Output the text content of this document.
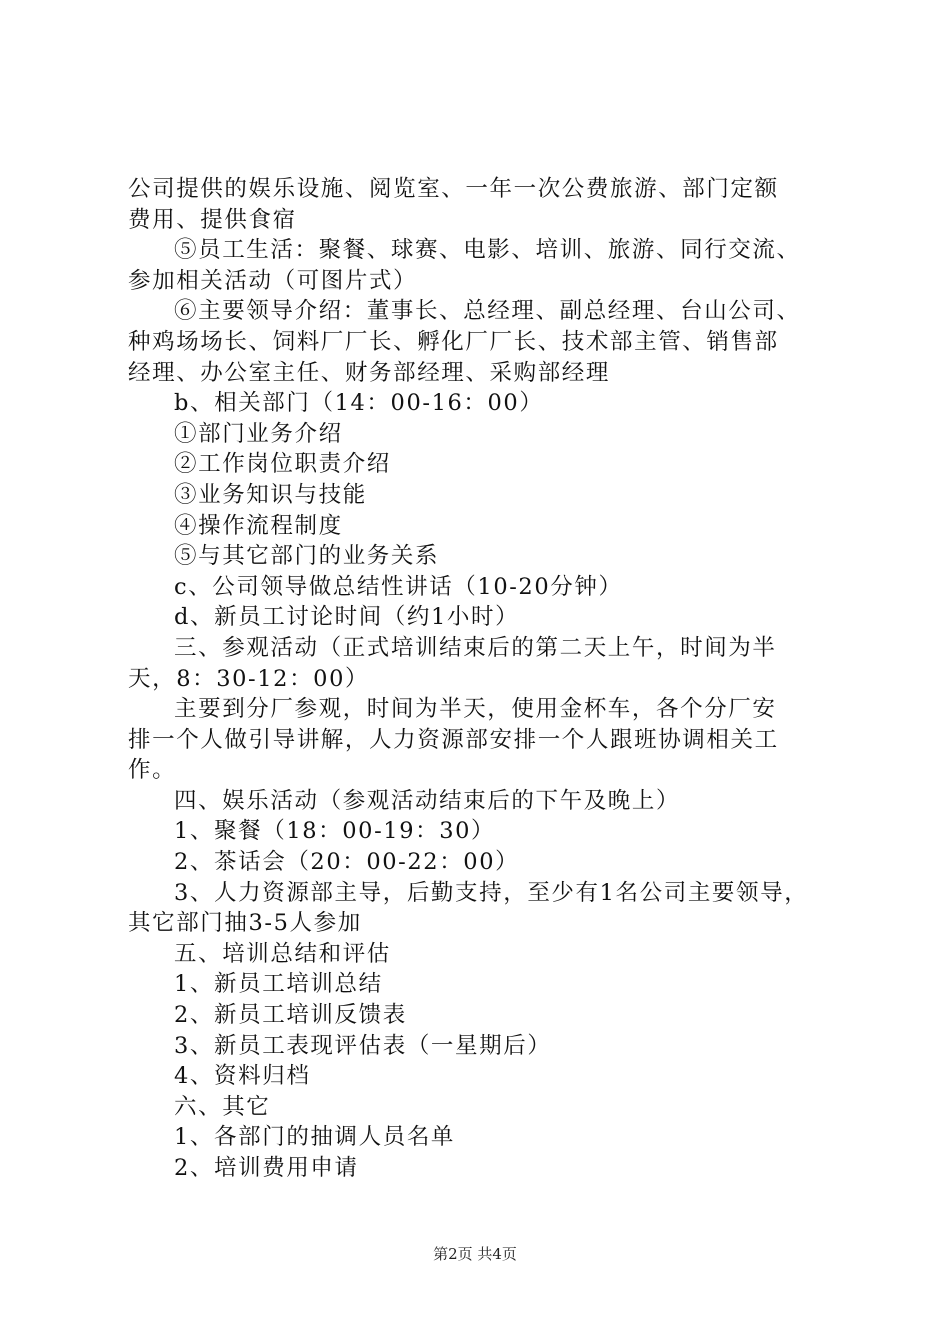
公司提供的娱乐设施、阅览室、一年一次公费旅游、部门定额
费用、提供食宿
⑤员工生活：聚餐、球赛、电影、培训、旅游、同行交流、
参加相关活动（可图片式）
⑥主要领导介绍：董事长、总经理、副总经理、台山公司、
种鸡场场长、饲料厂厂长、孵化厂厂长、技术部主管、销售部
经理、办公室主任、财务部经理、采购部经理
b、相关部门（14：00-16：00）
①部门业务介绍
②工作岗位职责介绍
③业务知识与技能
④操作流程制度
⑤与其它部门的业务关系
c、公司领导做总结性讲话（10-20分钟）
d、新员工讨论时间（约1小时）
三、参观活动（正式培训结束后的第二天上午，时间为半
天，8：30-12：00）
主要到分厂参观，时间为半天，使用金杯车，各个分厂安
排一个人做引导讲解，人力资源部安排一个人跟班协调相关工
作。
四、娱乐活动（参观活动结束后的下午及晚上）
1、聚餐（18：00-19：30）
2、茶话会（20：00-22：00）
3、人力资源部主导，后勤支持，至少有1名公司主要领导，
其它部门抽3-5人参加
五、培训总结和评估
1、新员工培训总结
2、新员工培训反馈表
3、新员工表现评估表（一星期后）
4、资料归档
六、其它
1、各部门的抽调人员名单
2、培训费用申请
第2页 共4页
